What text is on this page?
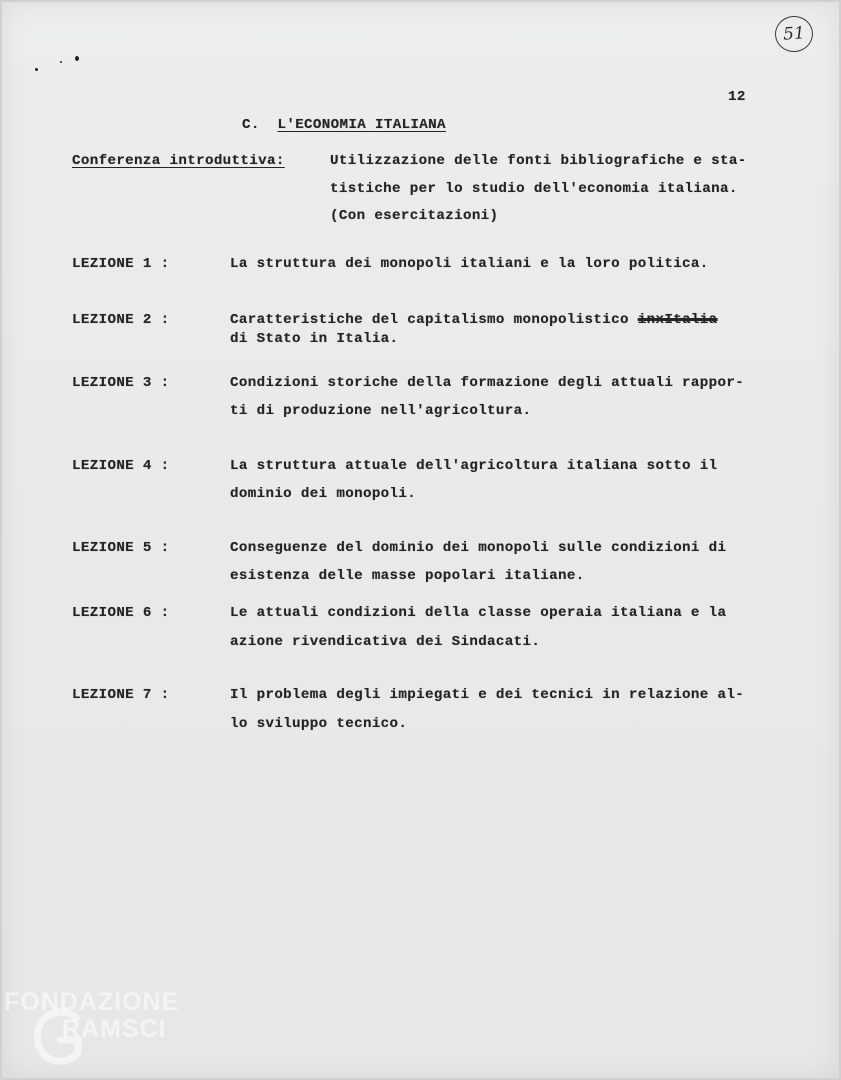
51
12
C. L'ECONOMIA ITALIANA
Conferenza introduttiva:	Utilizzazione delle fonti bibliografiche e sta-
tistiche per lo studio dell'economia italiana.
(Con esercitazioni)
LEZIONE 1 :	La struttura dei monopoli italiani e la loro politica.
LEZIONE 2 :	Caratteristiche del capitalismo monopolistico inxItalia
di Stato in Italia.
LEZIONE 3 :	Condizioni storiche della formazione degli attuali rappor-
ti di produzione nell'agricoltura.
LEZIONE 4 :	La struttura attuale dell'agricoltura italiana sotto il
dominio dei monopoli.
LEZIONE 5 :	Conseguenze del dominio dei monopoli sulle condizioni di
esistenza delle masse popolari italiane.
LEZIONE 6 :	Le attuali condizioni della classe operaia italiana e la
azione rivendicativa dei Sindacati.
LEZIONE 7 :	Il problema degli impiegati e dei tecnici in relazione al-
lo sviluppo tecnico.
FONDAZIONE
RAMSCI
